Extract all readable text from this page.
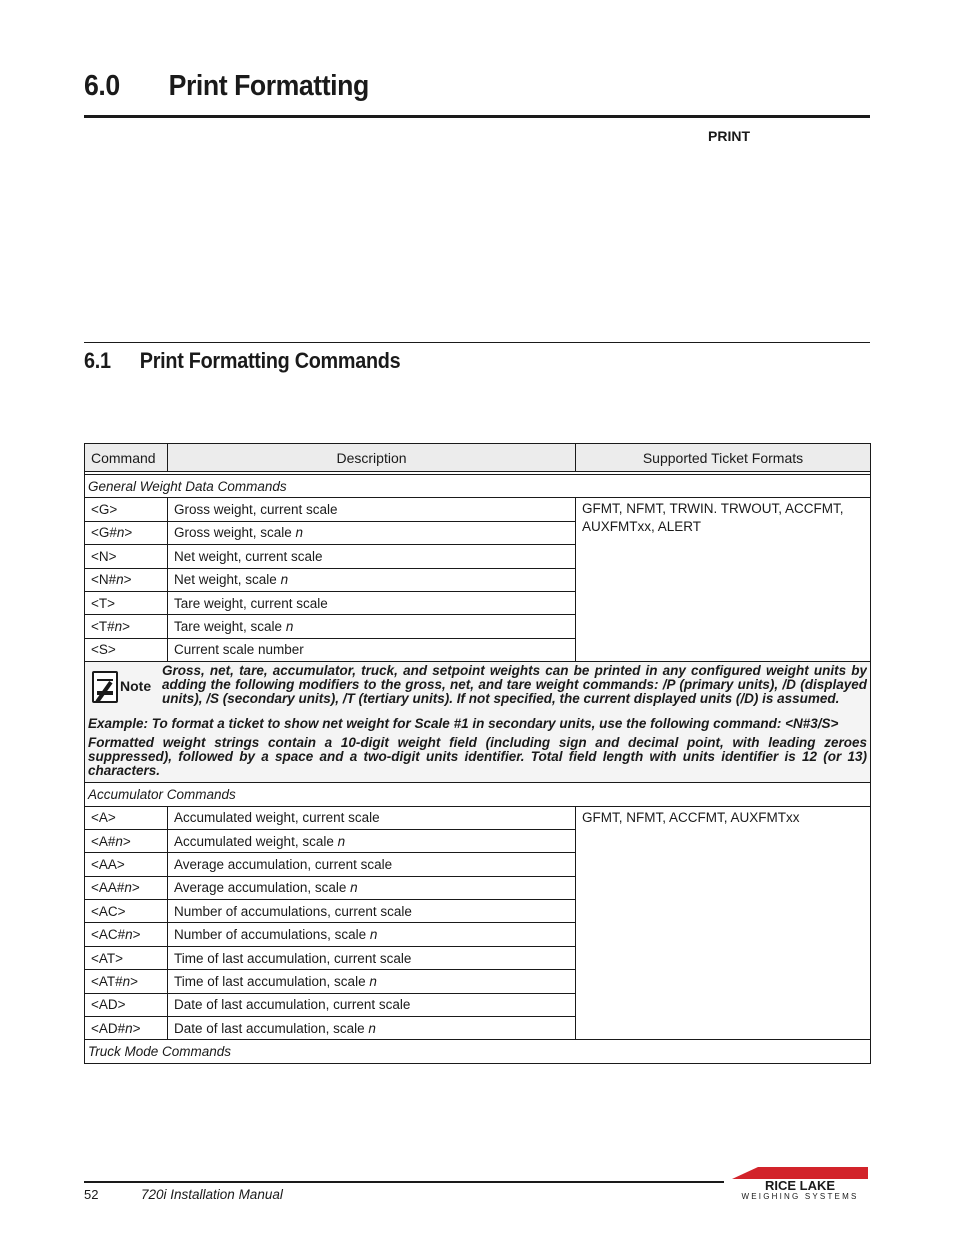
6.0 Print Formatting
PRINT
6.1 Print Formatting Commands
Command	Description	Supported Ticket Formats

General Weight Data Commands		
<G>	Gross weight, current scale	GFMT, NFMT, TRWIN. TRWOUT, ACCFMT, AUXFMTxx, ALERT
<G#n>	Gross weight, scale n	
<N>	Net weight, current scale	
<N#n>	Net weight, scale n	
<T>	Tare weight, current scale	
<T#n>	Tare weight, scale n	
<S>	Current scale number	

Note
Gross, net, tare, accumulator, truck, and setpoint weights can be printed in any configured weight units by adding the following modifiers to the gross, net, and tare weight commands: /P (primary units), /D (displayed units), /S (secondary units), /T (tertiary units). If not specified, the current displayed units (/D) is assumed.
Example: To format a ticket to show net weight for Scale #1 in secondary units, use the following command: <N#3/S>
Formatted weight strings contain a 10-digit weight field (including sign and decimal point, with leading zeroes suppressed), followed by a space and a two-digit units identifier. Total field length with units identifier is 12 (or 13) characters.		

Accumulator Commands		
<A>	Accumulated weight, current scale	GFMT, NFMT, ACCFMT, AUXFMTxx
<A#n>	Accumulated weight, scale n	
<AA>	Average accumulation, current scale	
<AA#n>	Average accumulation, scale n	
<AC>	Number of accumulations, current scale	
<AC#n>	Number of accumulations, scale n	
<AT>	Time of last accumulation, current scale	
<AT#n>	Time of last accumulation, scale n	
<AD>	Date of last accumulation, current scale	
<AD#n>	Date of last accumulation, scale n	
Truck Mode Commands		
52	720i Installation Manual
RICE LAKE
WEIGHING SYSTEMS
